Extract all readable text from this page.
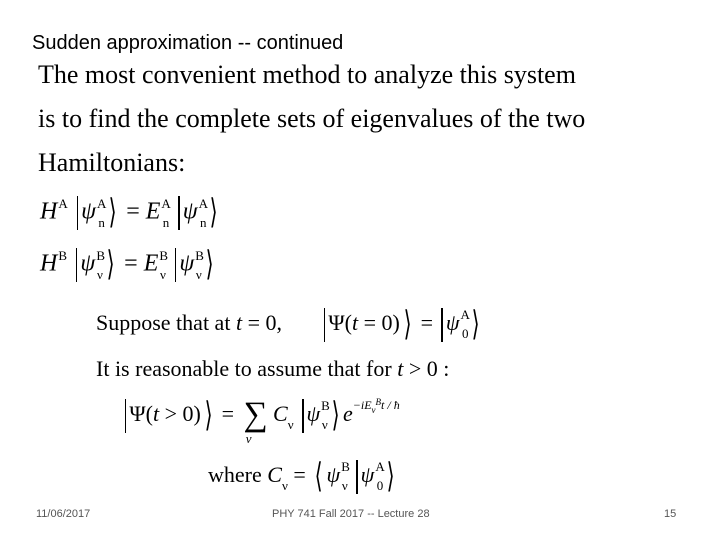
Sudden approximation -- continued
The most convenient method to analyze this system
is to find the complete sets of eigenvalues of the two
Hamiltonians:
$H^A$ $\psi^A_n$ ⟩ = $E^A_n$ $\psi^A_n$ ⟩
$H^B$ $\psi^B_\nu$ ⟩ = $E^B_\nu$ $\psi^B_\nu$ ⟩
Suppose that at t = 0,  Ψ(t = 0) ⟩ = $\psi^A_0$ ⟩
It is reasonable to assume that for t > 0 :
Ψ(t > 0) ⟩ = $\sum_\nu$ $C_\nu$ $\psi^B_\nu$ ⟩ $e^{-iE_\nu^Bt / ħ}$
where $C_\nu$ = ⟨ $\psi^B_\nu$ $\psi^A_0$ ⟩
11/06/2017	PHY 741 Fall 2017 -- Lecture 28	15
